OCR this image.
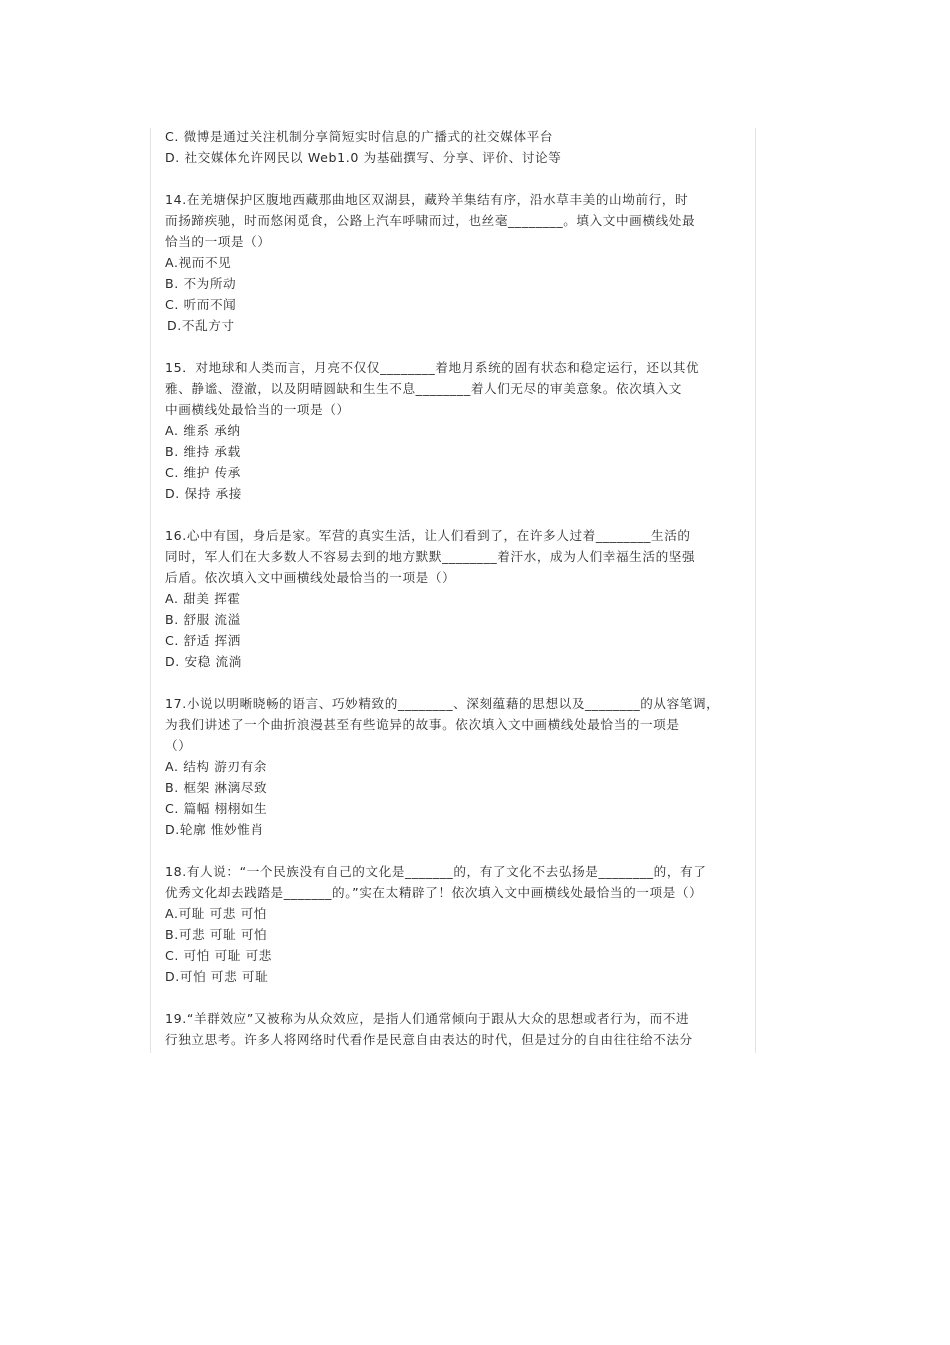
C. 微博是通过关注机制分享简短实时信息的广播式的社交媒体平台
D. 社交媒体允许网民以 Web1.0 为基础撰写、分享、评价、讨论等
14.在羌塘保护区腹地西藏那曲地区双湖县，藏羚羊集结有序，沿水草丰美的山坳前行，时
而扬蹄疾驰，时而悠闲觅食，公路上汽车呼啸而过，也丝毫________。填入文中画横线处最
恰当的一项是（）
A.视而不见
B. 不为所动
C. 听而不闻
D.不乱方寸
15．对地球和人类而言，月亮不仅仅________着地月系统的固有状态和稳定运行，还以其优
雅、静谧、澄澈，以及阴晴圆缺和生生不息________着人们无尽的审美意象。依次填入文
中画横线处最恰当的一项是（）
A. 维系 承纳
B. 维持 承载
C. 维护 传承
D. 保持 承接
16.心中有国，身后是家。军营的真实生活，让人们看到了，在许多人过着________生活的
同时，军人们在大多数人不容易去到的地方默默________着汗水，成为人们幸福生活的坚强
后盾。依次填入文中画横线处最恰当的一项是（）
A. 甜美 挥霍
B. 舒服 流溢
C. 舒适 挥洒
D. 安稳 流淌
17.小说以明晰晓畅的语言、巧妙精致的________、深刻蕴藉的思想以及________的从容笔调，
为我们讲述了一个曲折浪漫甚至有些诡异的故事。依次填入文中画横线处最恰当的一项是
（）
A. 结构 游刃有余
B. 框架 淋漓尽致
C. 篇幅 栩栩如生
D.轮廓 惟妙惟肖
18.有人说：“一个民族没有自己的文化是_______的，有了文化不去弘扬是________的，有了
优秀文化却去践踏是_______的。”实在太精辟了！依次填入文中画横线处最恰当的一项是（）
A.可耻 可悲 可怕
B.可悲 可耻 可怕
C. 可怕 可耻 可悲
D.可怕 可悲 可耻
19.“羊群效应”又被称为从众效应，是指人们通常倾向于跟从大众的思想或者行为，而不进
行独立思考。许多人将网络时代看作是民意自由表达的时代，但是过分的自由往往给不法分
